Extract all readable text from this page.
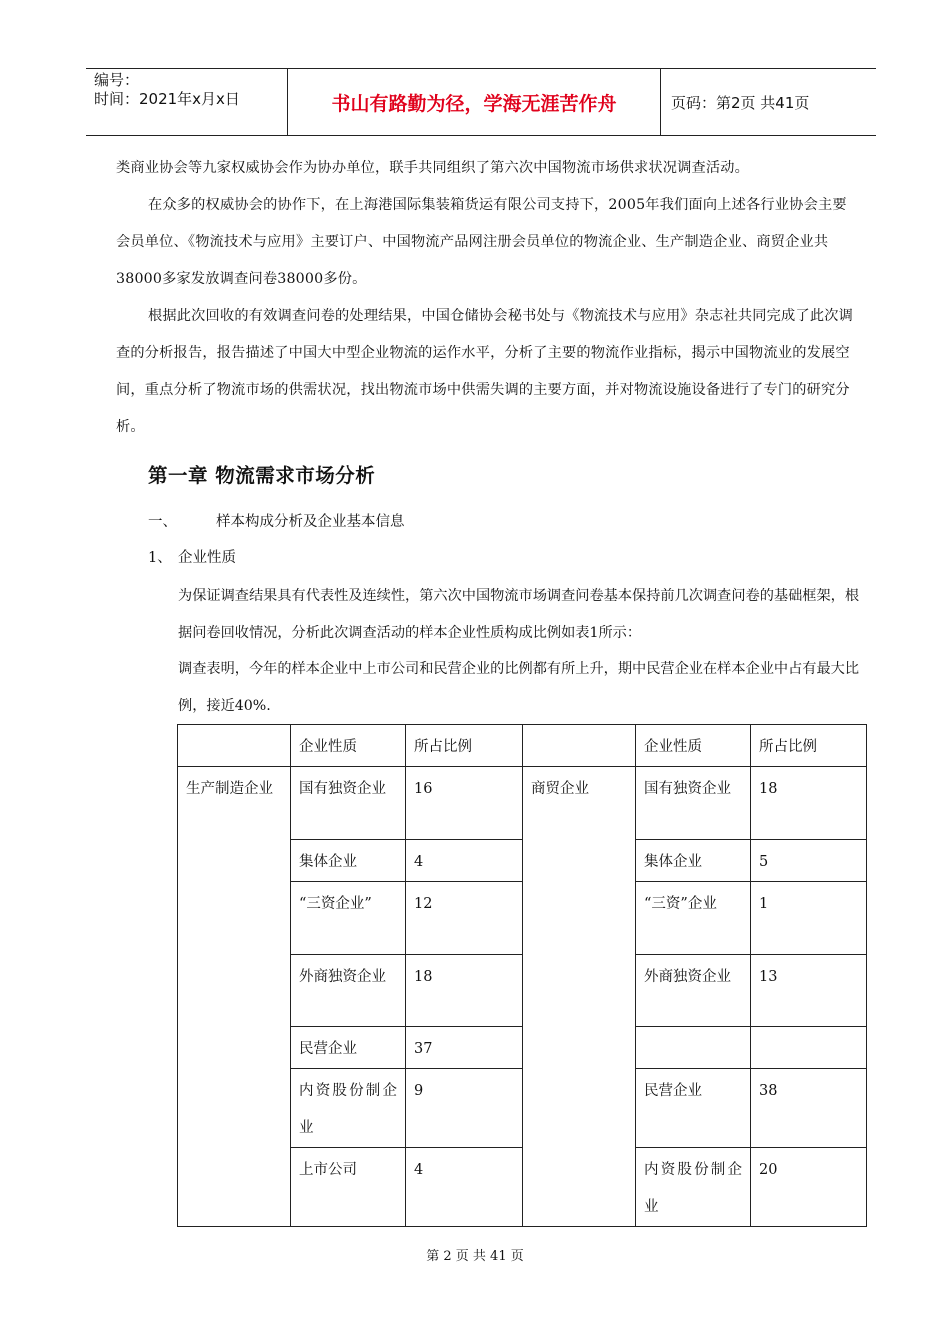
编号：
时间：2021年x月x日	书山有路勤为径，学海无涯苦作舟	页码：第2页 共41页

类商业协会等九家权威协会作为协办单位，联手共同组织了第六次中国物流市场供求状况调查活动。

在众多的权威协会的协作下，在上海港国际集装箱货运有限公司支持下，2005年我们面向上述各行业协会主要会员单位、《物流技术与应用》主要订户、中国物流产品网注册会员单位的物流企业、生产制造企业、商贸企业共38000多家发放调查问卷38000多份。

根据此次回收的有效调查问卷的处理结果，中国仓储协会秘书处与《物流技术与应用》杂志社共同完成了此次调查的分析报告，报告描述了中国大中型企业物流的运作水平，分析了主要的物流作业指标，揭示中国物流业的发展空间，重点分析了物流市场的供需状况，找出物流市场中供需失调的主要方面，并对物流设施设备进行了专门的研究分析。

第一章 物流需求市场分析
一、	样本构成分析及企业基本信息
1、 企业性质

为保证调查结果具有代表性及连续性，第六次中国物流市场调查问卷基本保持前几次调查问卷的基础框架，根据问卷回收情况，分析此次调查活动的样本企业性质构成比例如表1所示：
调查表明，今年的样本企业中上市公司和民营企业的比例都有所上升，期中民营企业在样本企业中占有最大比例，接近40%.

	企业性质	所占比例		企业性质	所占比例

生产制造企业	国有独资企业	16	商贸企业	国有独资企业	18
	集体企业	4		集体企业	5

	“三资企业”	12		“三资”企业	1

	外商独资企业	18		外商独资企业	13
	民营企业	37			

	内资股份制企业	9		民营企业	38
	上市公司	4		内资股份制企业	20
第 2 页 共 41 页
